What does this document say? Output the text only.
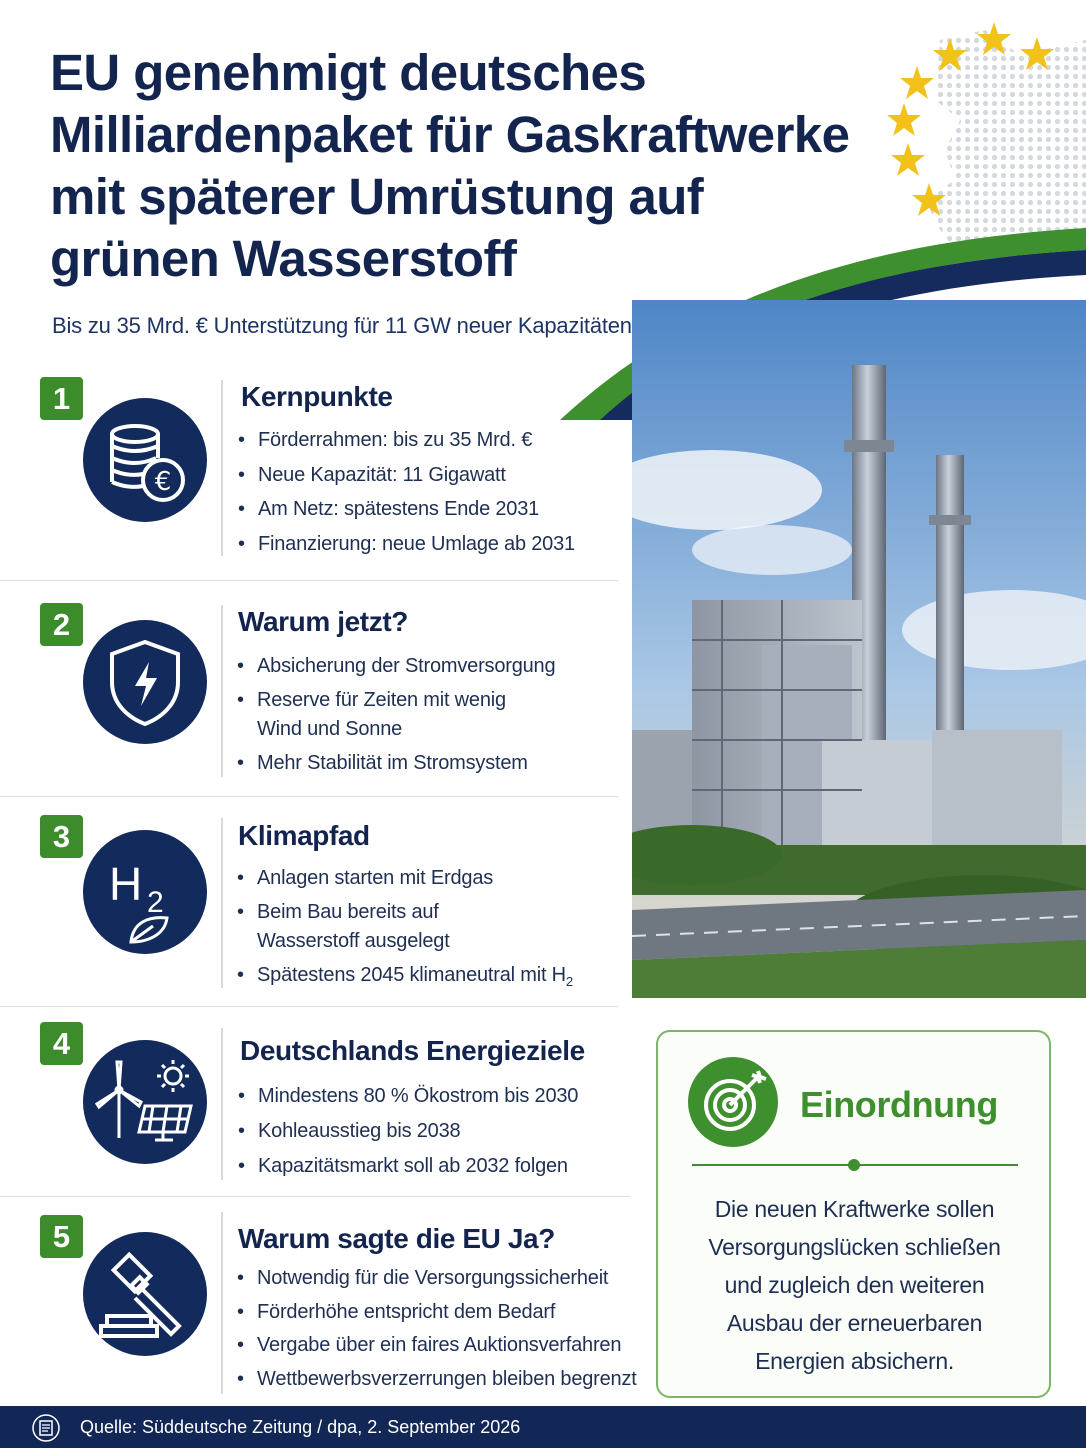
EU genehmigt deutsches
Milliardenpaket für Gaskraftwerke
mit späterer Umrüstung auf
grünen Wasserstoff
Bis zu 35 Mrd. € Unterstützung für 11 GW neuer Kapazitäten
1
€
Kernpunkte
• Förderrahmen: bis zu 35 Mrd. €
• Neue Kapazität: 11 Gigawatt
• Am Netz: spätestens Ende 2031
• Finanzierung: neue Umlage ab 2031
2	Warum jetzt?
• Absicherung der Stromversorgung
• Reserve für Zeiten mit wenig
Wind und Sonne
• Mehr Stabilität im Stromsystem
3
H 2
Klimapfad
• Anlagen starten mit Erdgas
• Beim Bau bereits auf
Wasserstoff ausgelegt
• Spätestens 2045 klimaneutral mit $H_2$
4	Deutschlands Energieziele
• Mindestens 80 % Ökostrom bis 2030
• Kohleausstieg bis 2038
• Kapazitätsmarkt soll ab 2032 folgen
5	Warum sagte die EU Ja?
• Notwendig für die Versorgungssicherheit
• Förderhöhe entspricht dem Bedarf
• Vergabe über ein faires Auktionsverfahren
• Wettbewerbsverzerrungen bleiben begrenzt
Einordnung
Die neuen Kraftwerke sollen
Versorgungslücken schließen
und zugleich den weiteren
Ausbau der erneuerbaren
Energien absichern.
Quelle: Süddeutsche Zeitung / dpa, 2. September 2026
